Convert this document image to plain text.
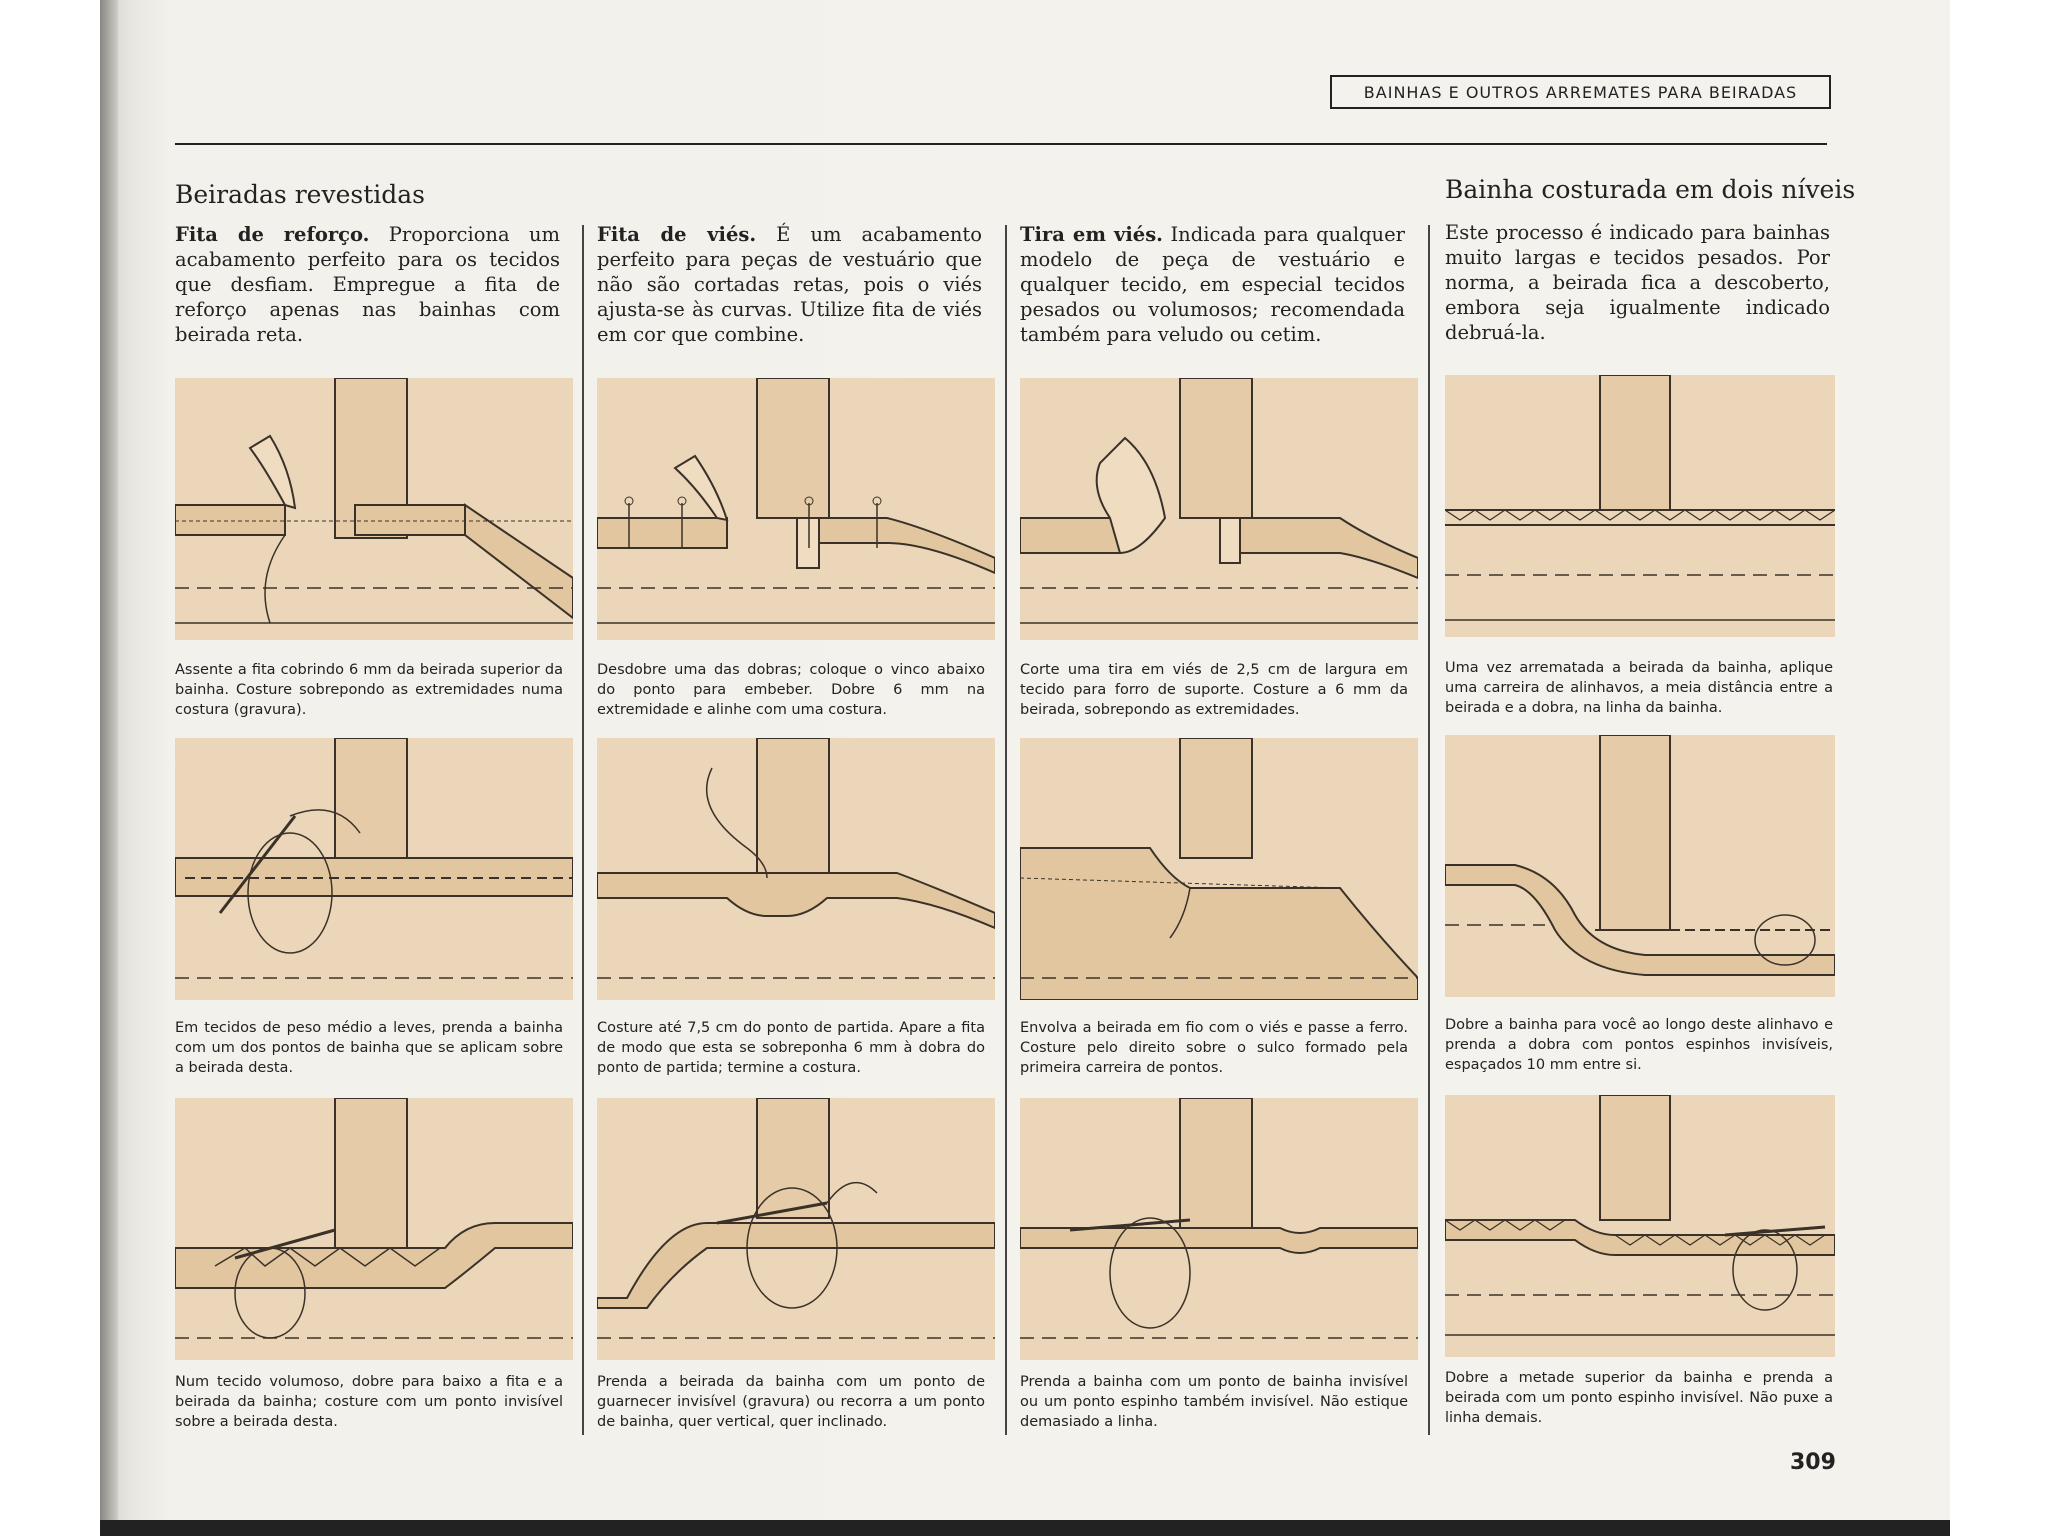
BAINHAS E OUTROS ARREMATES PARA BEIRADAS
Beiradas revestidas	Bainha costurada em dois níveis
Fita de reforço. Proporciona um acabamento perfeito para os tecidos que desfiam. Empregue a fita de reforço apenas nas bainhas com beirada reta.
Fita de viés. É um acabamento perfeito para peças de vestuário que não são cortadas retas, pois o viés ajusta-se às curvas. Utilize fita de viés em cor que combine.
Tira em viés. Indicada para qualquer modelo de peça de vestuário e qualquer tecido, em especial tecidos pesados ou volumosos; recomendada também para veludo ou cetim.
Este processo é indicado para bainhas muito largas e tecidos pesados. Por norma, a beirada fica a descoberto, embora seja igualmente indicado debruá-la.
Assente a fita cobrindo 6 mm da beirada superior da bainha. Costure sobrepondo as extremidades numa costura (gravura).
Em tecidos de peso médio a leves, prenda a bainha com um dos pontos de bainha que se aplicam sobre a beirada desta.
Num tecido volumoso, dobre para baixo a fita e a beirada da bainha; costure com um ponto invisível sobre a beirada desta.
Desdobre uma das dobras; coloque o vinco abaixo do ponto para embeber. Dobre 6 mm na extremidade e alinhe com uma costura.
Costure até 7,5 cm do ponto de partida. Apare a fita de modo que esta se sobreponha 6 mm à dobra do ponto de partida; termine a costura.
Prenda a beirada da bainha com um ponto de guarnecer invisível (gravura) ou recorra a um ponto de bainha, quer vertical, quer inclinado.
Corte uma tira em viés de 2,5 cm de largura em tecido para forro de suporte. Costure a 6 mm da beirada, sobrepondo as extremidades.
Envolva a beirada em fio com o viés e passe a ferro. Costure pelo direito sobre o sulco formado pela primeira carreira de pontos.
Prenda a bainha com um ponto de bainha invisível ou um ponto espinho também invisível. Não estique demasiado a linha.
Uma vez arrematada a beirada da bainha, aplique uma carreira de alinhavos, a meia distância entre a beirada e a dobra, na linha da bainha.
Dobre a bainha para você ao longo deste alinhavo e prenda a dobra com pontos espinhos invisíveis, espaçados 10 mm entre si.
Dobre a metade superior da bainha e prenda a beirada com um ponto espinho invisível. Não puxe a linha demais.
309
